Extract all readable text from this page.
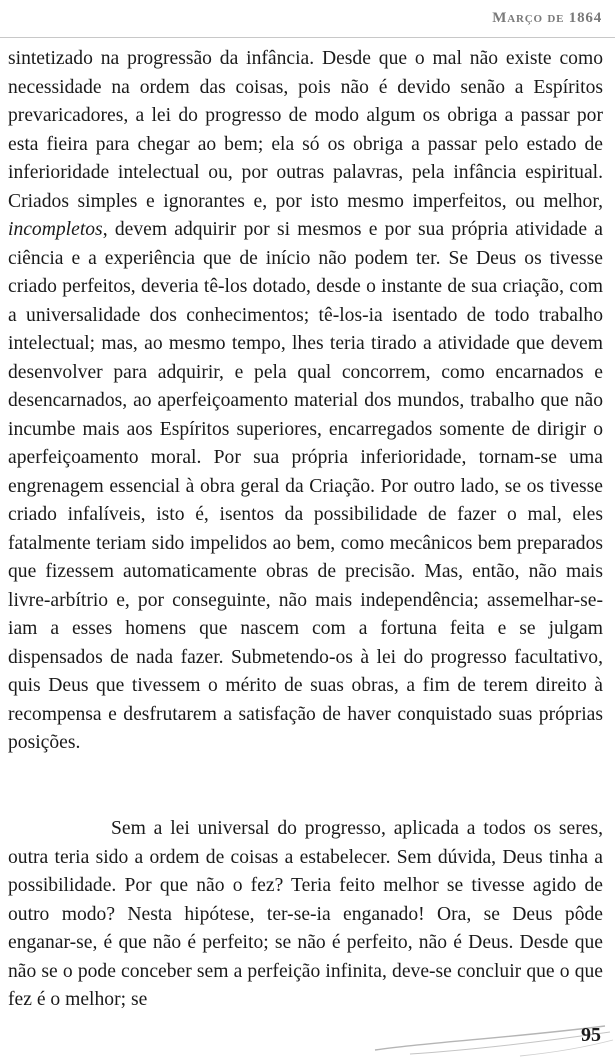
Março de 1864

sintetizado na progressão da infância. Desde que o mal não existe como necessidade na ordem das coisas, pois não é devido senão a Espíritos prevaricadores, a lei do progresso de modo algum os obriga a passar por esta fieira para chegar ao bem; ela só os obriga a passar pelo estado de inferioridade intelectual ou, por outras palavras, pela infância espiritual. Criados simples e ignorantes e, por isto mesmo imperfeitos, ou melhor, incompletos, devem adquirir por si mesmos e por sua própria atividade a ciência e a experiência que de início não podem ter. Se Deus os tivesse criado perfeitos, deveria tê-los dotado, desde o instante de sua criação, com a universalidade dos conhecimentos; tê-los-ia isentado de todo trabalho intelectual; mas, ao mesmo tempo, lhes teria tirado a atividade que devem desenvolver para adquirir, e pela qual concorrem, como encarnados e desencarnados, ao aperfeiçoamento material dos mundos, trabalho que não incumbe mais aos Espíritos superiores, encarregados somente de dirigir o aperfeiçoamento moral. Por sua própria inferioridade, tornam-se uma engrenagem essencial à obra geral da Criação. Por outro lado, se os tivesse criado infalíveis, isto é, isentos da possibilidade de fazer o mal, eles fatalmente teriam sido impelidos ao bem, como mecânicos bem preparados que fizessem automaticamente obras de precisão. Mas, então, não mais livre-arbítrio e, por conseguinte, não mais independência; assemelhar-se-iam a esses homens que nascem com a fortuna feita e se julgam dispensados de nada fazer. Submetendo-os à lei do progresso facultativo, quis Deus que tivessem o mérito de suas obras, a fim de terem direito à recompensa e desfrutarem a satisfação de haver conquistado suas próprias posições.

Sem a lei universal do progresso, aplicada a todos os seres, outra teria sido a ordem de coisas a estabelecer. Sem dúvida, Deus tinha a possibilidade. Por que não o fez? Teria feito melhor se tivesse agido de outro modo? Nesta hipótese, ter-se-ia enganado! Ora, se Deus pôde enganar-se, é que não é perfeito; se não é perfeito, não é Deus. Desde que não se o pode conceber sem a perfeição infinita, deve-se concluir que o que fez é o melhor; se

95
